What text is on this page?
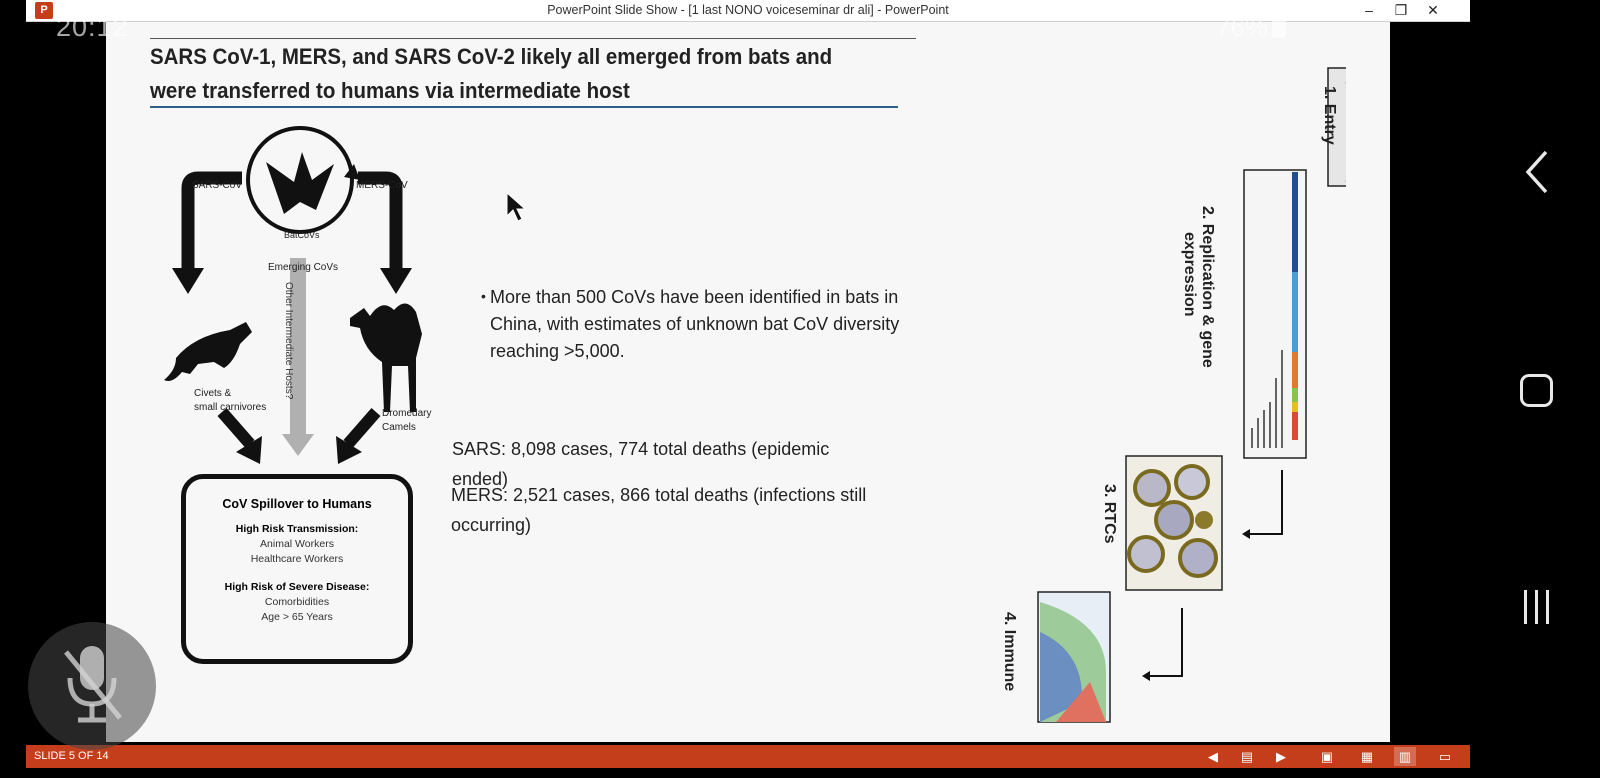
P	PowerPoint Slide Show - [1 last NONO voiceseminar dr ali] - PowerPoint	–	❐	✕
SARS CoV-1, MERS, and SARS CoV-2 likely all emerged from bats and
were transferred to humans via intermediate host
SARS-CoV	MERS-CoV
BatCoVs
Emerging CoVs
Other Intermediate Hosts?
Civets &
small carnivores
Dromedary
Camels
CoV Spillover to Humans
High Risk Transmission:
Animal Workers
Healthcare Workers
High Risk of Severe Disease:
Comorbidities
Age > 65 Years
• More than 500 CoVs have been identified in bats in China, with estimates of unknown bat CoV diversity reaching >5,000.
SARS: 8,098 cases, 774 total deaths (epidemic ended)
MERS: 2,521 cases, 866 total deaths (infections still occurring)
1. Entry
2. Replication & gene
expression
3. RTCs
4. Immune
20:12	76%
SLIDE 5 OF 14	◀	▤	▶	▣	▦	▥	▭
